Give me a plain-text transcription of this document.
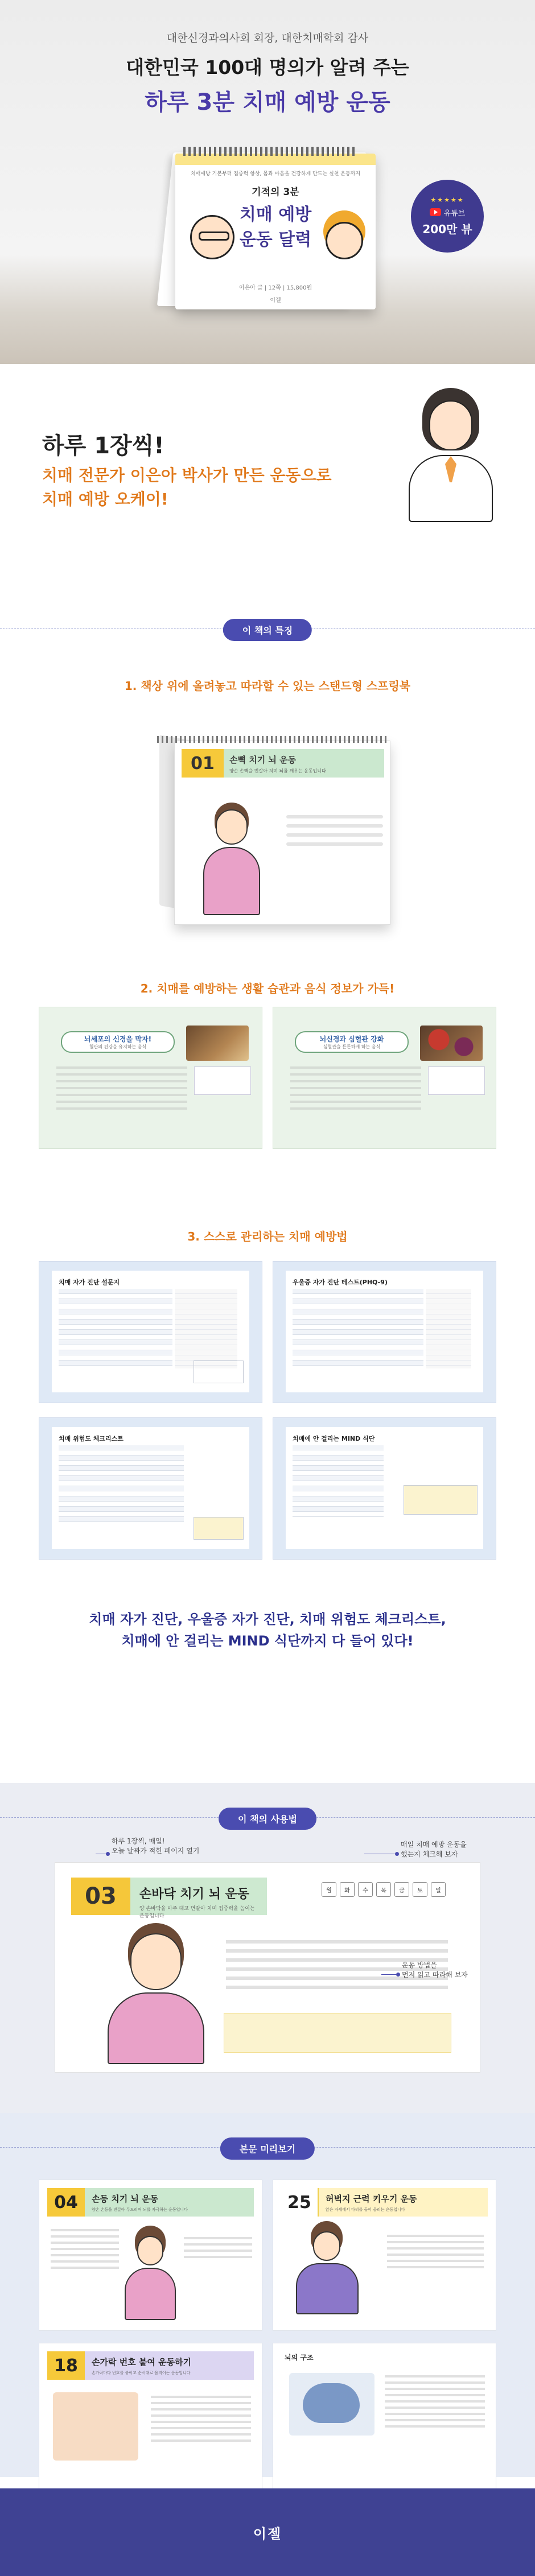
대한신경과의사회 회장, 대한치매학회 감사
대한민국 100대 명의가 알려 주는
하루 3분 치매 예방 운동
치매예방 기본부터 집중력 향상, 몸과 마음을 건강하게 만드는 실천 운동까지
기적의 3분
치매 예방
운동 달력
이은아 글 | 12쪽 | 15,800원
이젤
★★★★★
유튜브
200만 뷰
하루 1장씩!
치매 전문가 이은아 박사가 만든 운동으로
치매 예방 오케이!
이 책의 특징
1. 책상 위에 올려놓고 따라할 수 있는 스탠드형 스프링북
01	손뼉 치기 뇌 운동
양손 손뼉을 번갈아 치며 뇌를 깨우는 운동입니다
2. 치매를 예방하는 생활 습관과 음식 정보가 가득!
뇌세포의 신경을 막자!
혈관의 건강을 유지하는 음식
뇌신경과 심혈관 강화
심혈관을 튼튼하게 하는 음식
3. 스스로 관리하는 치매 예방법
치매 자가 진단 설문지	우울증 자가 진단 테스트(PHQ-9)
치매 위험도 체크리스트	치매에 안 걸리는 MIND 식단
치매 자가 진단, 우울증 자가 진단, 치매 위험도 체크리스트,
치매에 안 걸리는 MIND 식단까지 다 들어 있다!
이 책의 사용법
03	손바닥 치기 뇌 운동
양 손바닥을 마주 대고 번갈아 치며 집중력을 높이는 운동입니다
월	화	수	목	금	토	일
하루 1장씩, 매일!
오늘 날짜가 적힌 페이지 열기
매일 치매 예방 운동을
했는지 체크해 보자
운동 방법을
먼저 읽고 따라해 보자
본문 미리보기
04	손등 치기 뇌 운동
양손 손등을 번갈아 두드리며 뇌를 자극하는 운동입니다	25	허벅지 근력 키우기 운동
앉은 자세에서 다리를 들어 올리는 운동입니다
18	손가락 번호 붙여 운동하기
손가락마다 번호를 붙이고 순서대로 움직이는 운동입니다
뇌의 구조
이젤
